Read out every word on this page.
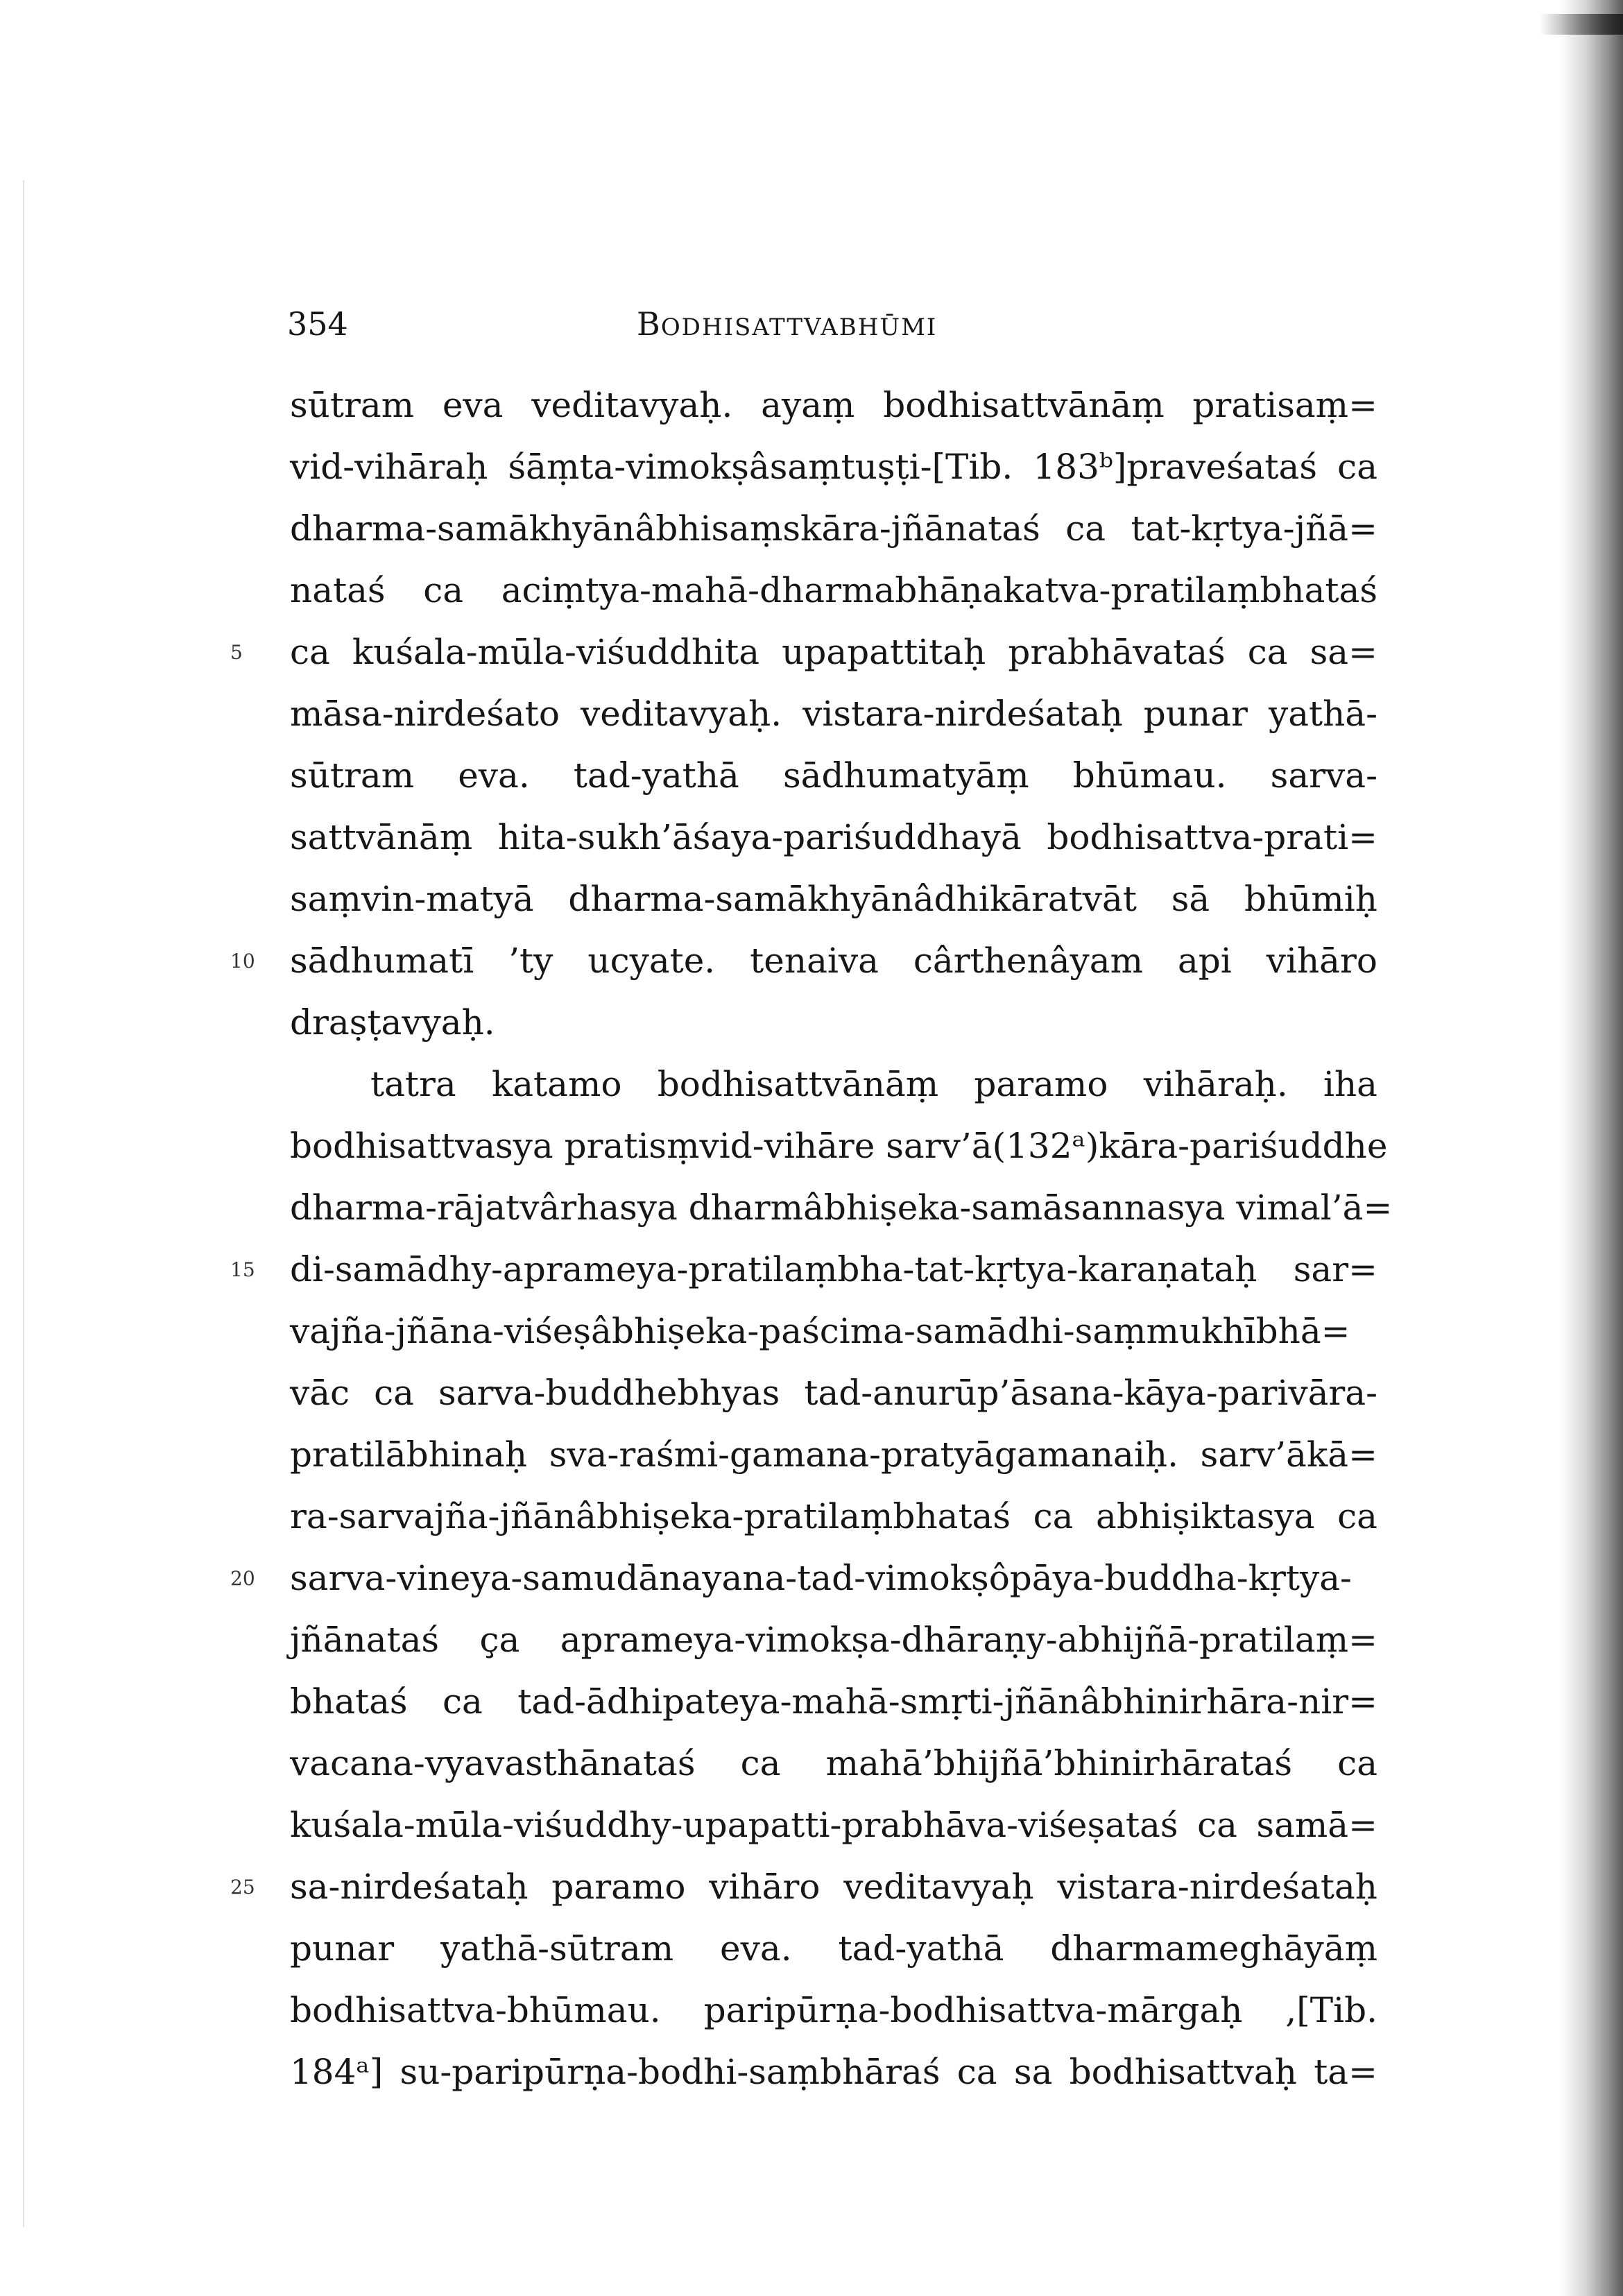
354	BODHISATTVABHŪMI
sūtram eva veditavyaḥ. ayaṃ bodhisattvānāṃ pratisaṃ=
vid-vihāraḥ śāṃta-vimokṣâsaṃtuṣṭi-[Tib. 183ᵇ]praveśataś ca
dharma-samākhyānâbhisaṃskāra-jñānataś ca tat-kṛtya-jñā=
nataś ca aciṃtya-mahā-dharmabhāṇakatva-pratilaṃbhataś
5	ca kuśala-mūla-viśuddhita upapattitaḥ prabhāvataś ca sa=
māsa-nirdeśato veditavyaḥ. vistara-nirdeśataḥ punar yathā-
sūtram eva. tad-yathā sādhumatyāṃ bhūmau. sarva-
sattvānāṃ hita-sukh’āśaya-pariśuddhayā bodhisattva-prati=
saṃvin-matyā dharma-samākhyānâdhikāratvāt sā bhūmiḥ
10	sādhumatī ’ty ucyate. tenaiva cârthenâyam api vihāro
draṣṭavyaḥ.
tatra katamo bodhisattvānāṃ paramo vihāraḥ. iha
bodhisattvasya pratisṃvid-vihāre sarv’ā(132ᵃ)kāra-pariśuddhe
dharma-rājatvârhasya dharmâbhiṣeka-samāsannasya vimal’ā=
15	di-samādhy-aprameya-pratilaṃbha-tat-kṛtya-karaṇataḥ sar=
vajña-jñāna-viśeṣâbhiṣeka-paścima-samādhi-saṃmukhībhā=
vāc ca sarva-buddhebhyas tad-anurūp’āsana-kāya-parivāra-
pratilābhinaḥ sva-raśmi-gamana-pratyāgamanaiḥ. sarv’ākā=
ra-sarvajña-jñānâbhiṣeka-pratilaṃbhataś ca abhiṣiktasya ca
20	sarva-vineya-samudānayana-tad-vimokṣôpāya-buddha-kṛtya-
jñānataś ça aprameya-vimokṣa-dhāraṇy-abhijñā-pratilaṃ=
bhataś ca tad-ādhipateya-mahā-smṛti-jñānâbhinirhāra-nir=
vacana-vyavasthānataś ca mahā’bhijñā’bhinirhārataś ca
kuśala-mūla-viśuddhy-upapatti-prabhāva-viśeṣataś ca samā=
25	sa-nirdeśataḥ paramo vihāro veditavyaḥ vistara-nirdeśataḥ
punar yathā-sūtram eva. tad-yathā dharmameghāyāṃ
bodhisattva-bhūmau. paripūrṇa-bodhisattva-mārgaḥ ,[Tib.
184ᵃ] su-paripūrṇa-bodhi-saṃbhāraś ca sa bodhisattvaḥ ta=
